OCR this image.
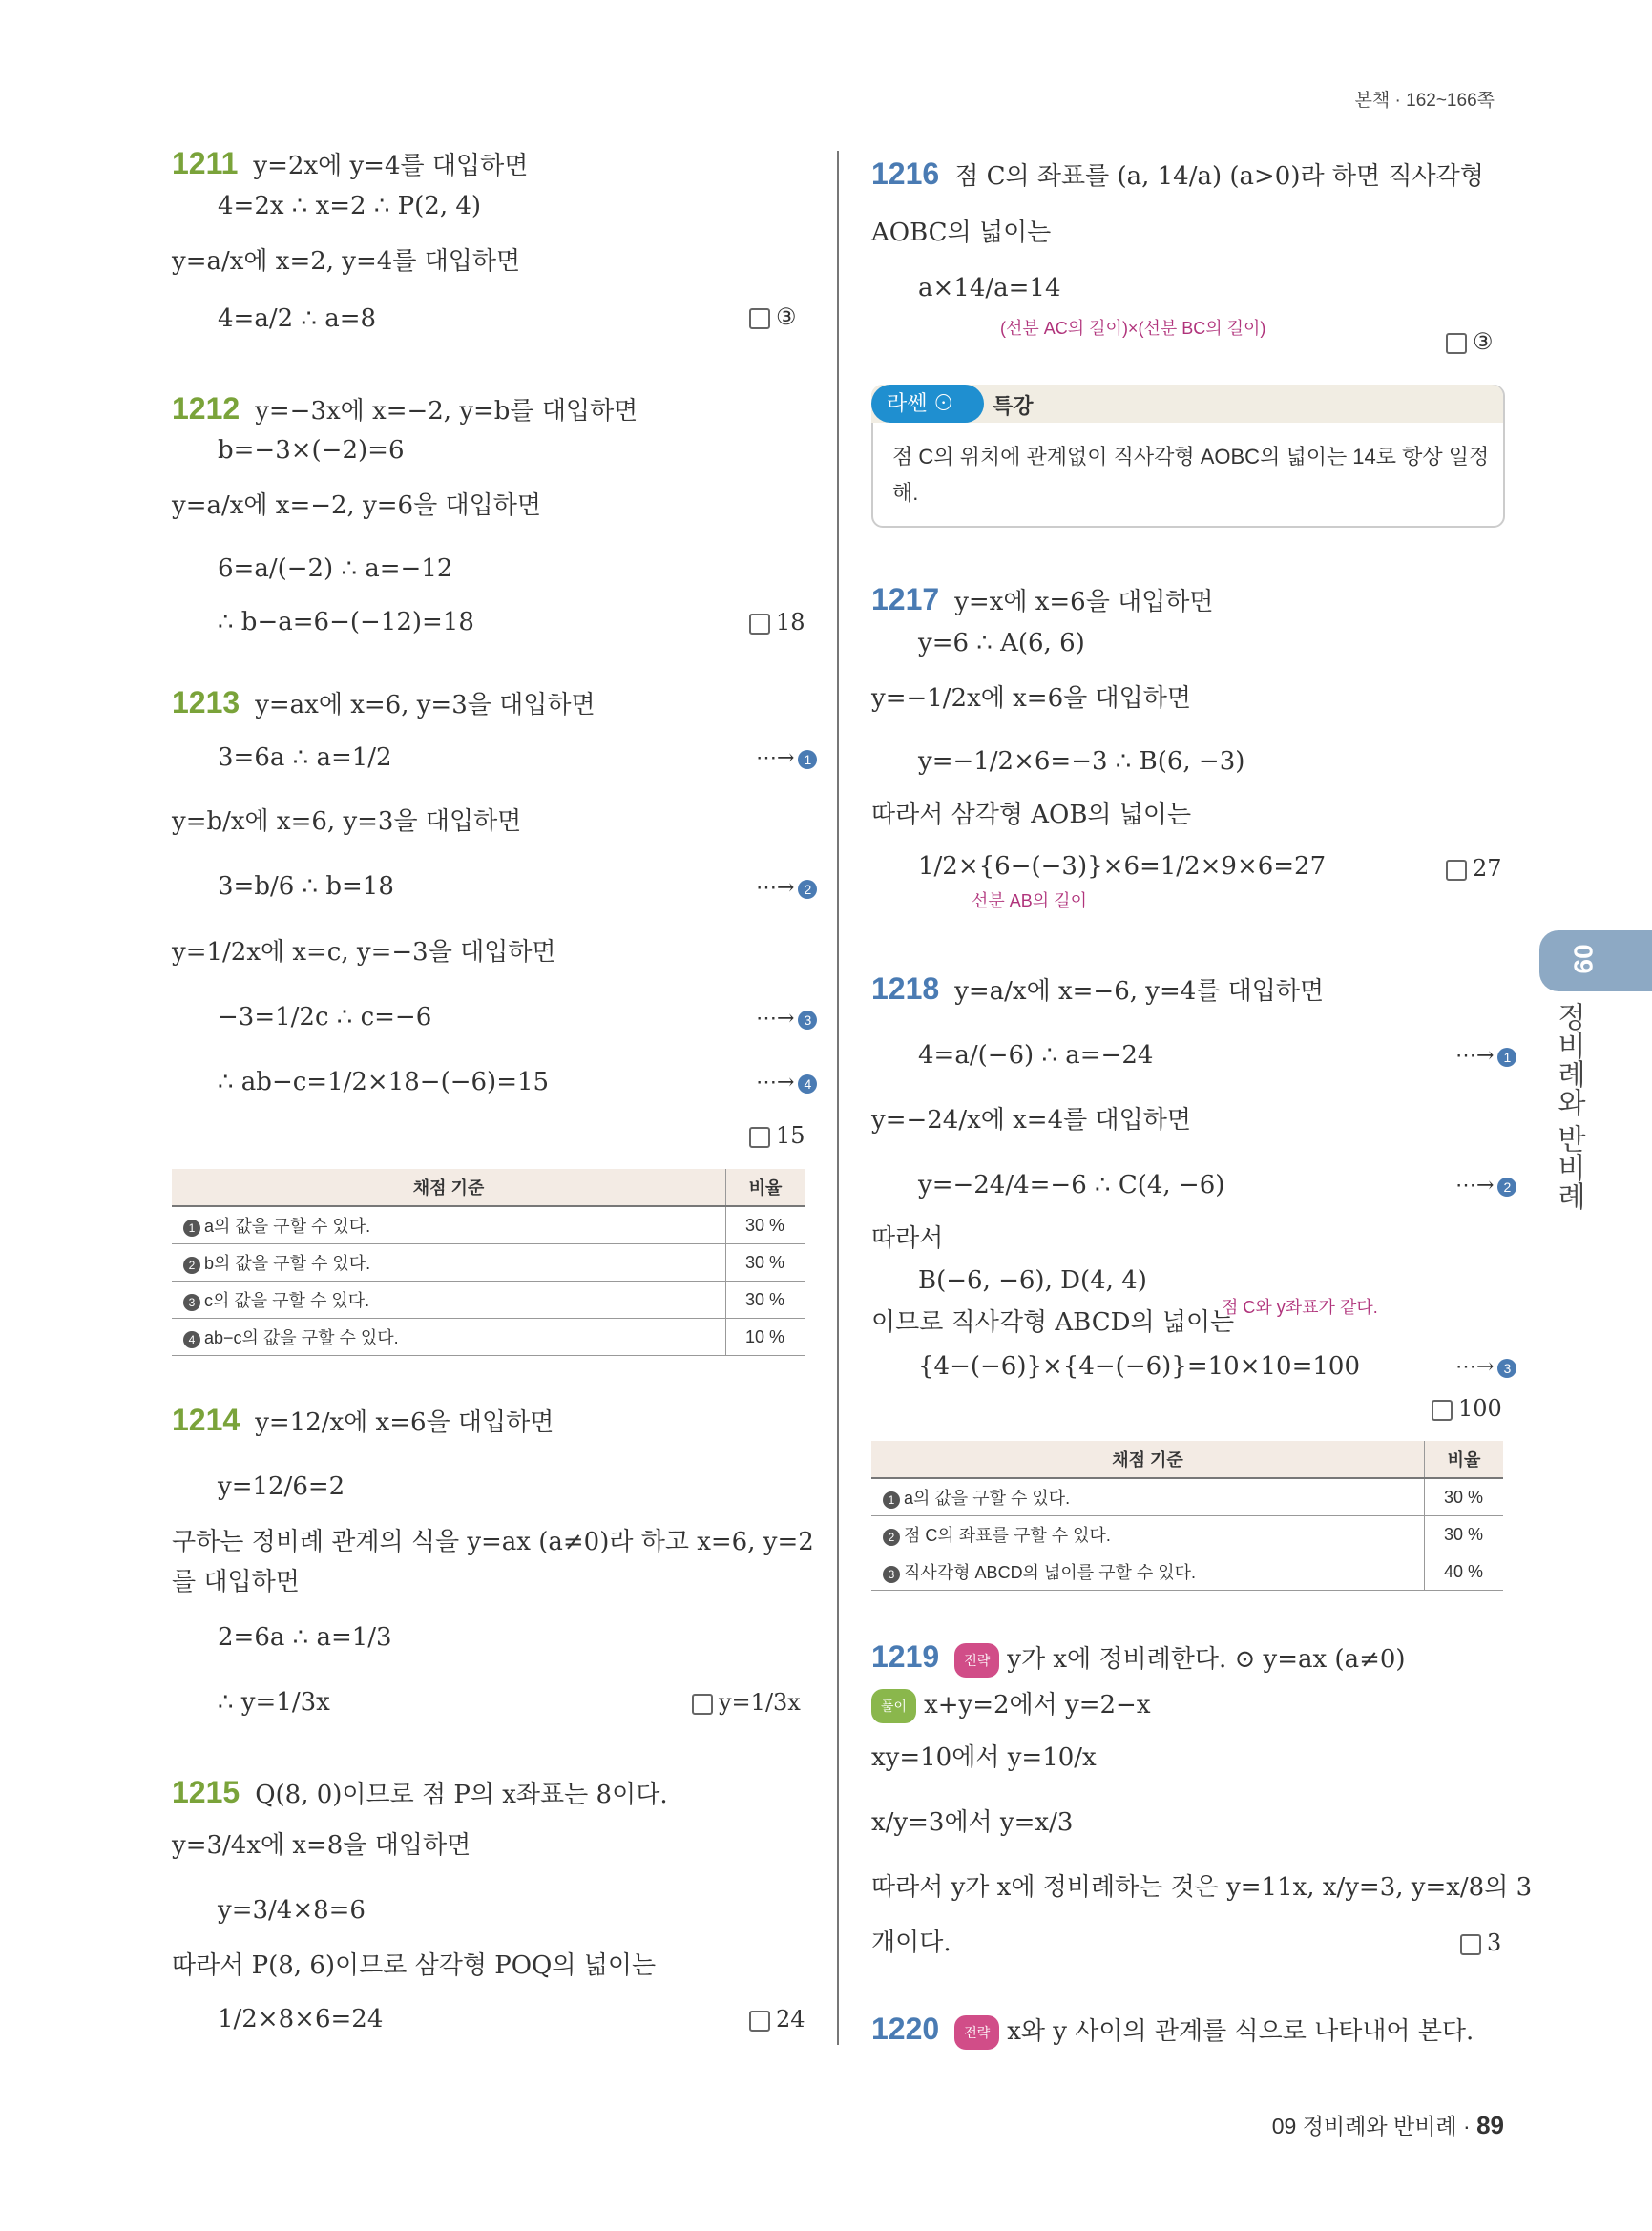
본책 · 162~166쪽
09
정비례와 반비례
1211 y=2x에 y=4를 대입하면
4=2x ∴ x=2 ∴ P(2, 4)
y=a/x에 x=2, y=4를 대입하면
4=a/2 ∴ a=8	③
1212 y=−3x에 x=−2, y=b를 대입하면
b=−3×(−2)=6
y=a/x에 x=−2, y=6을 대입하면
6=a/(−2) ∴ a=−12
∴ b−a=6−(−12)=18	18
1213 y=ax에 x=6, y=3을 대입하면
3=6a ∴ a=1/2	⋯→ 1
y=b/x에 x=6, y=3을 대입하면
3=b/6 ∴ b=18	⋯→ 2
y=1/2x에 x=c, y=−3을 대입하면
−3=1/2c ∴ c=−6	⋯→ 3
∴ ab−c=1/2×18−(−6)=15	⋯→ 4
15
채점 기준	비율
1 a의 값을 구할 수 있다.	30 %
2 b의 값을 구할 수 있다.	30 %
3 c의 값을 구할 수 있다.	30 %
4 ab−c의 값을 구할 수 있다.	10 %
1214 y=12/x에 x=6을 대입하면
y=12/6=2
구하는 정비례 관계의 식을 y=ax (a≠0)라 하고 x=6, y=2
를 대입하면
2=6a ∴ a=1/3
∴ y=1/3x	y=1/3x
1215 Q(8, 0)이므로 점 P의 x좌표는 8이다.
y=3/4x에 x=8을 대입하면
y=3/4×8=6
따라서 P(8, 6)이므로 삼각형 POQ의 넓이는
1/2×8×6=24	24
1216 점 C의 좌표를 (a, 14/a) (a>0)라 하면 직사각형
AOBC의 넓이는
a×14/a=14
(선분 AC의 길이)×(선분 BC의 길이)	③
라쎈 ⊙	특강
점 C의 위치에 관계없이 직사각형 AOBC의 넓이는 14로 항상 일정해.
1217 y=x에 x=6을 대입하면
y=6 ∴ A(6, 6)
y=−1/2x에 x=6을 대입하면
y=−1/2×6=−3 ∴ B(6, −3)
따라서 삼각형 AOB의 넓이는
1/2×{6−(−3)}×6=1/2×9×6=27
선분 AB의 길이
27
1218 y=a/x에 x=−6, y=4를 대입하면
4=a/(−6) ∴ a=−24	⋯→ 1
y=−24/x에 x=4를 대입하면
y=−24/4=−6 ∴ C(4, −6)	⋯→ 2
따라서
B(−6, −6), D(4, 4)
점 C와 y좌표가 같다.
이므로 직사각형 ABCD의 넓이는
{4−(−6)}×{4−(−6)}=10×10=100	⋯→ 3
100
채점 기준	비율
1 a의 값을 구할 수 있다.	30 %
2 점 C의 좌표를 구할 수 있다.	30 %
3 직사각형 ABCD의 넓이를 구할 수 있다.	40 %
1219 전략 y가 x에 정비례한다. ⊙ y=ax (a≠0)
풀이 x+y=2에서 y=2−x
xy=10에서 y=10/x
x/y=3에서 y=x/3
따라서 y가 x에 정비례하는 것은 y=11x, x/y=3, y=x/8의 3
개이다.	3
1220 전략 x와 y 사이의 관계를 식으로 나타내어 본다.
09 정비례와 반비례 · 89
